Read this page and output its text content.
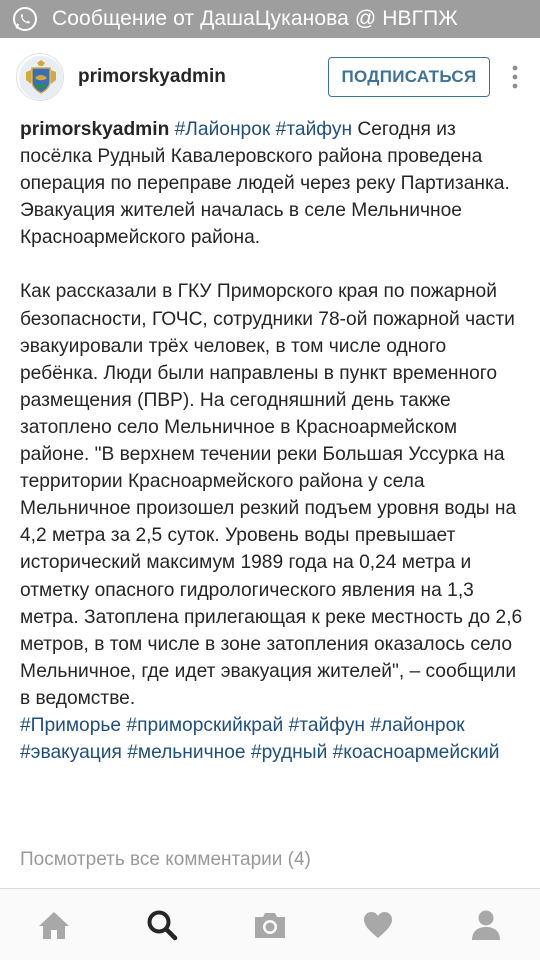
Сообщение от ДашаЦуканова @ НВГПЖ
primorskyadmin	ПОДПИСАТЬСЯ

primorskyadmin #Лайонрок #тайфун Сегодня из посёлка Рудный Кавалеровского района проведена операция по переправе людей через реку Партизанка. Эвакуация жителей началась в селе Мельничное Красноармейского района.

Как рассказали в ГКУ Приморского края по пожарной безопасности, ГОЧС, сотрудники 78-ой пожарной части эвакуировали трёх человек, в том числе одного ребёнка. Люди были направлены в пункт временного размещения (ПВР). На сегодняшний день также затоплено село Мельничное в Красноармейском районе. "В верхнем течении реки Большая Уссурка на территории Красноармейского района у села Мельничное произошел резкий подъем уровня воды на 4,2 метра за 2,5 суток. Уровень воды превышает исторический максимум 1989 года на 0,24 метра и отметку опасного гидрологического явления на 1,3 метра. Затоплена прилегающая к реке местность до 2,6 метров, в том числе в зоне затопления оказалось село Мельничное, где идет эвакуация жителей", – сообщили в ведомстве.

#Приморье #приморскийкрай #тайфун #лайонрок #эвакуация #мельничное #рудный #коасноармейский

Посмотреть все комментарии (4)
